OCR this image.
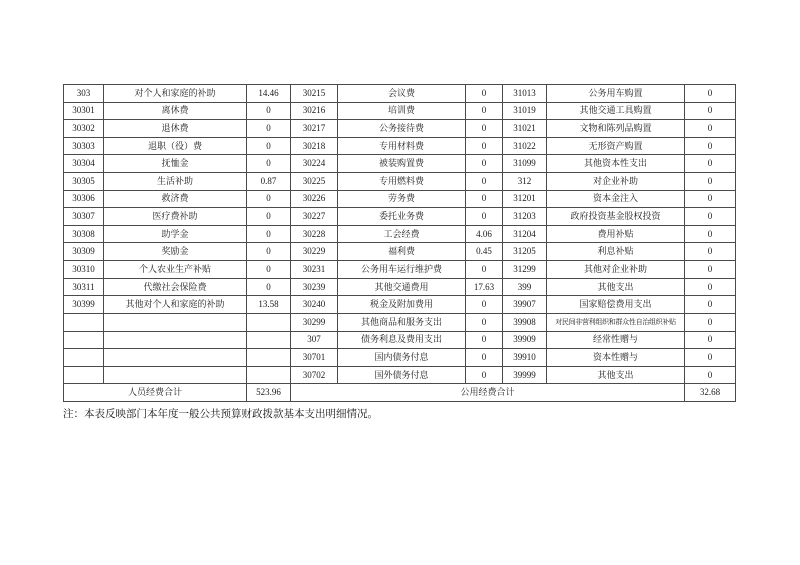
303	对个人和家庭的补助	14.46	30215	会议费	0	31013	公务用车购置	0
30301	离休费	0	30216	培训费	0	31019	其他交通工具购置	0
30302	退休费	0	30217	公务接待费	0	31021	文物和陈列品购置	0
30303	退职（役）费	0	30218	专用材料费	0	31022	无形资产购置	0
30304	抚恤金	0	30224	被装购置费	0	31099	其他资本性支出	0
30305	生活补助	0.87	30225	专用燃料费	0	312	对企业补助	0
30306	救济费	0	30226	劳务费	0	31201	资本金注入	0
30307	医疗费补助	0	30227	委托业务费	0	31203	政府投资基金股权投资	0
30308	助学金	0	30228	工会经费	4.06	31204	费用补贴	0
30309	奖励金	0	30229	福利费	0.45	31205	利息补贴	0
30310	个人农业生产补贴	0	30231	公务用车运行维护费	0	31299	其他对企业补助	0
30311	代缴社会保险费	0	30239	其他交通费用	17.63	399	其他支出	0
30399	其他对个人和家庭的补助	13.58	30240	税金及附加费用	0	39907	国家赔偿费用支出	0
			30299	其他商品和服务支出	0	39908	对民间非营利组织和群众性自治组织补贴	0
			307	债务利息及费用支出	0	39909	经常性赠与	0
			30701	国内债务付息	0	39910	资本性赠与	0
			30702	国外债务付息	0	39999	其他支出	0
人员经费合计		523.96	公用经费合计					32.68
注：本表反映部门本年度一般公共预算财政拨款基本支出明细情况。
